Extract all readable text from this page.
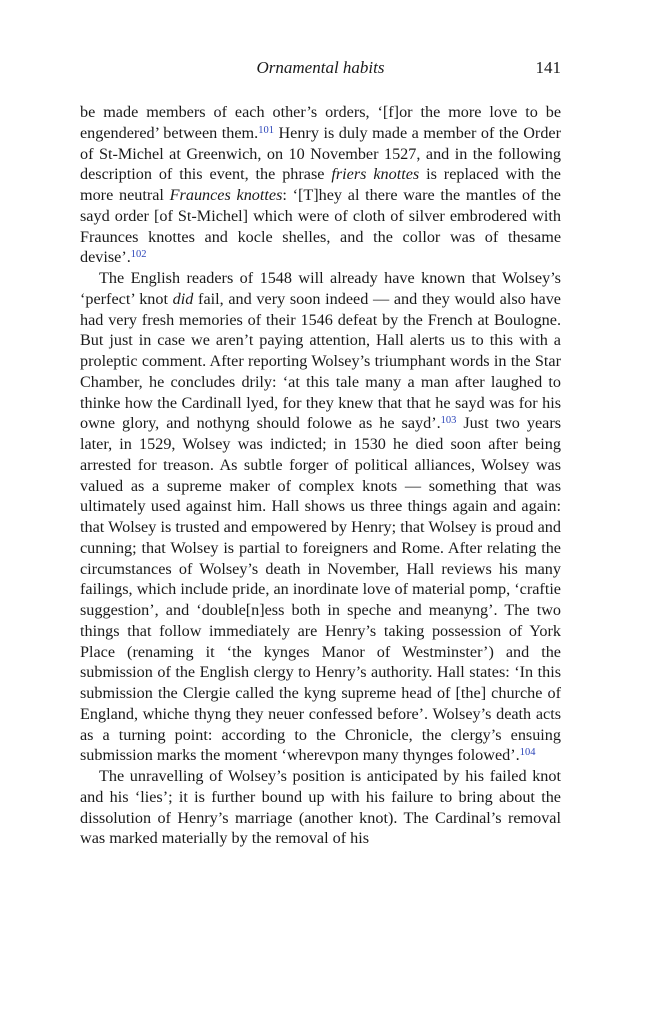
Ornamental habits	141

be made members of each other’s orders, ‘[f]or the more love to be engendered’ between them.$^{101}$ Henry is duly made a member of the Order of St-Michel at Greenwich, on 10 November 1527, and in the following description of this event, the phrase friers knottes is replaced with the more neutral Fraunces knottes: ‘[T]hey al there ware the mantles of the sayd order [of St-Michel] which were of cloth of silver embrodered with Fraunces knottes and kocle shelles, and the collor was of thesame devise’.$^{102}$

The English readers of 1548 will already have known that Wolsey’s ‘perfect’ knot did fail, and very soon indeed — and they would also have had very fresh memories of their 1546 defeat by the French at Boulogne. But just in case we aren’t paying attention, Hall alerts us to this with a proleptic comment. After reporting Wolsey’s triumphant words in the Star Chamber, he concludes drily: ‘at this tale many a man after laughed to thinke how the Cardinall lyed, for they knew that that he sayd was for his owne glory, and nothyng should folowe as he sayd’.$^{103}$ Just two years later, in 1529, Wolsey was indicted; in 1530 he died soon after being arrested for treason. As subtle forger of political alliances, Wolsey was valued as a supreme maker of complex knots — something that was ultimately used against him. Hall shows us three things again and again: that Wolsey is trusted and empowered by Henry; that Wolsey is proud and cunning; that Wolsey is partial to foreigners and Rome. After relating the circumstances of Wolsey’s death in November, Hall reviews his many failings, which include pride, an inordinate love of material pomp, ‘craftie suggestion’, and ‘double[n]ess both in speche and meanyng’. The two things that follow immediately are Henry’s taking possession of York Place (renaming it ‘the kynges Manor of Westminster’) and the submission of the English clergy to Henry’s authority. Hall states: ‘In this submission the Clergie called the kyng supreme head of [the] churche of England, whiche thyng they neuer confessed before’. Wolsey’s death acts as a turning point: according to the Chronicle, the clergy’s ensuing submission marks the moment ‘wherevpon many thynges folowed’.$^{104}$

The unravelling of Wolsey’s position is anticipated by his failed knot and his ‘lies’; it is further bound up with his failure to bring about the dissolution of Henry’s marriage (another knot). The Cardinal’s removal was marked materially by the removal of his
